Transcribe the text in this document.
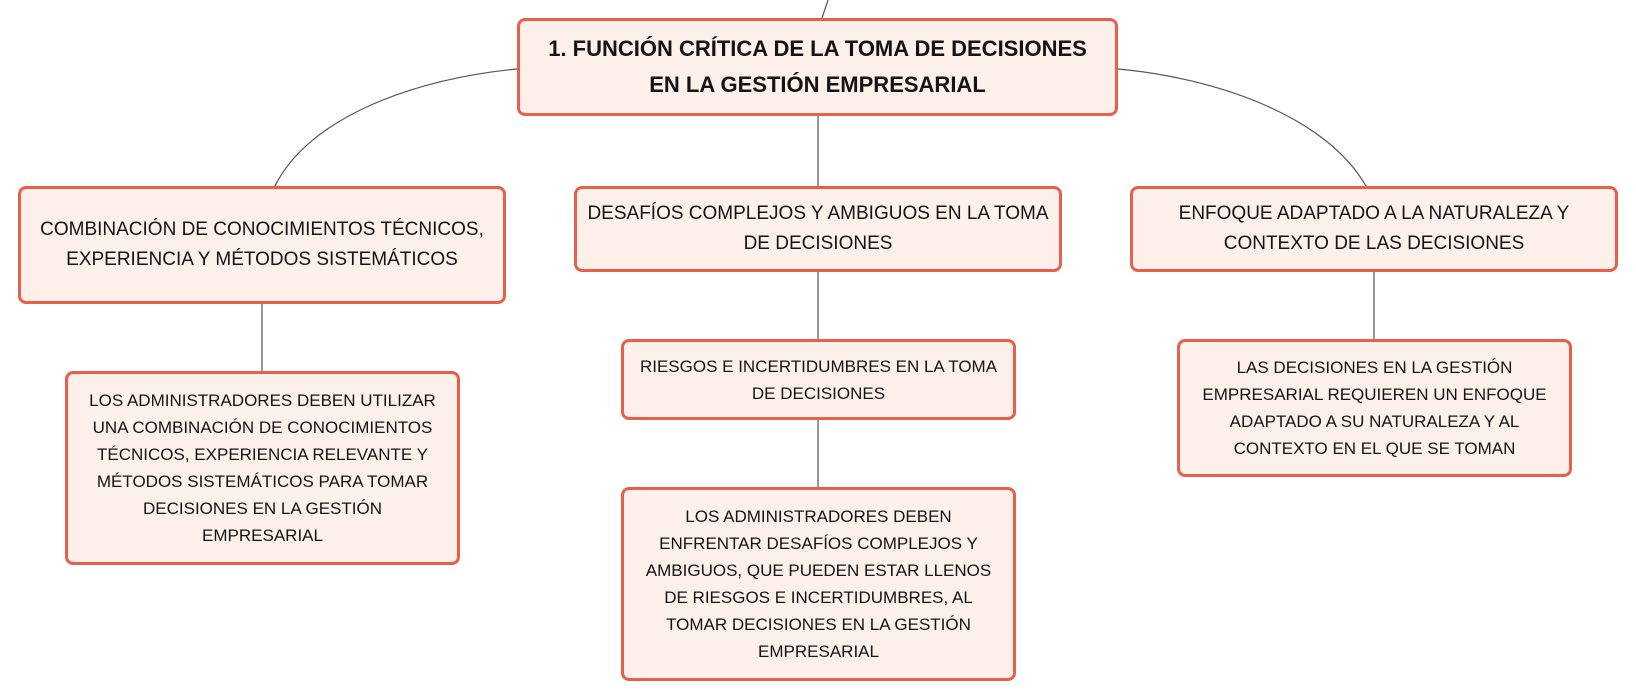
1. FUNCIÓN CRÍTICA DE LA TOMA DE DECISIONES EN LA GESTIÓN EMPRESARIAL
COMBINACIÓN DE CONOCIMIENTOS TÉCNICOS, EXPERIENCIA Y MÉTODOS SISTEMÁTICOS
DESAFÍOS COMPLEJOS Y AMBIGUOS EN LA TOMA DE DECISIONES
ENFOQUE ADAPTADO A LA NATURALEZA Y CONTEXTO DE LAS DECISIONES
LOS ADMINISTRADORES DEBEN UTILIZAR UNA COMBINACIÓN DE CONOCIMIENTOS TÉCNICOS, EXPERIENCIA RELEVANTE Y MÉTODOS SISTEMÁTICOS PARA TOMAR DECISIONES EN LA GESTIÓN EMPRESARIAL
RIESGOS E INCERTIDUMBRES EN LA TOMA DE DECISIONES
LOS ADMINISTRADORES DEBEN ENFRENTAR DESAFÍOS COMPLEJOS Y AMBIGUOS, QUE PUEDEN ESTAR LLENOS DE RIESGOS E INCERTIDUMBRES, AL TOMAR DECISIONES EN LA GESTIÓN EMPRESARIAL
LAS DECISIONES EN LA GESTIÓN EMPRESARIAL REQUIEREN UN ENFOQUE ADAPTADO A SU NATURALEZA Y AL CONTEXTO EN EL QUE SE TOMAN
